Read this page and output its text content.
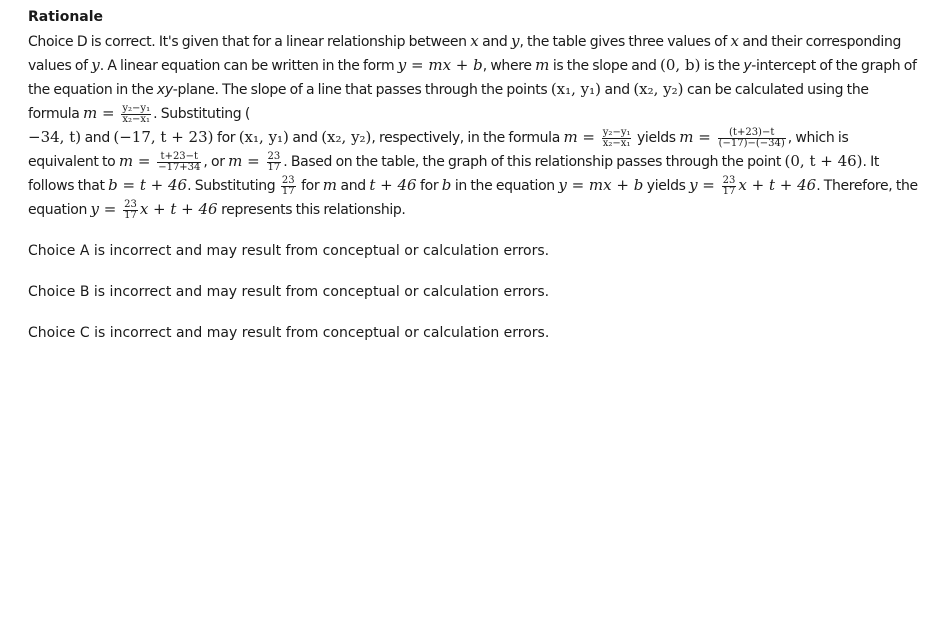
Rationale

Choice D is correct. It's given that for a linear relationship between x and y, the table gives three values of x and their corresponding values of y. A linear equation can be written in the form y = mx + b, where m is the slope and (0, b) is the y-intercept of the graph of the equation in the xy-plane. The slope of a line that passes through the points (x₁, y₁) and (x₂, y₂) can be calculated using the formula $m = \frac{\text{y₂−y₁}}{\text{x₂−x₁}}$ . Substituting (
−34, t) and (−17, t + 23) for (x₁, y₁) and (x₂, y₂), respectively, in the formula $m = \frac{\text{y₂−y₁}}{\text{x₂−x₁}}$ yields $m = \frac{(t+23)-t}{(-17)-(-34)}$ , which is equivalent to $m = \frac{t+23-t}{-17+34}$ , or $m = \frac{23}{17}$ . Based on the table, the graph of this relationship passes through the point (0, t + 46). It follows that b = t + 46. Substituting $\frac{23}{17}$ for m and t + 46 for b in the equation y = mx + b yields $y = \frac{23}{17}$ x + t + 46. Therefore, the equation $y = \frac{23}{17}$ x + t + 46 represents this relationship.

Choice A is incorrect and may result from conceptual or calculation errors.

Choice B is incorrect and may result from conceptual or calculation errors.

Choice C is incorrect and may result from conceptual or calculation errors.
